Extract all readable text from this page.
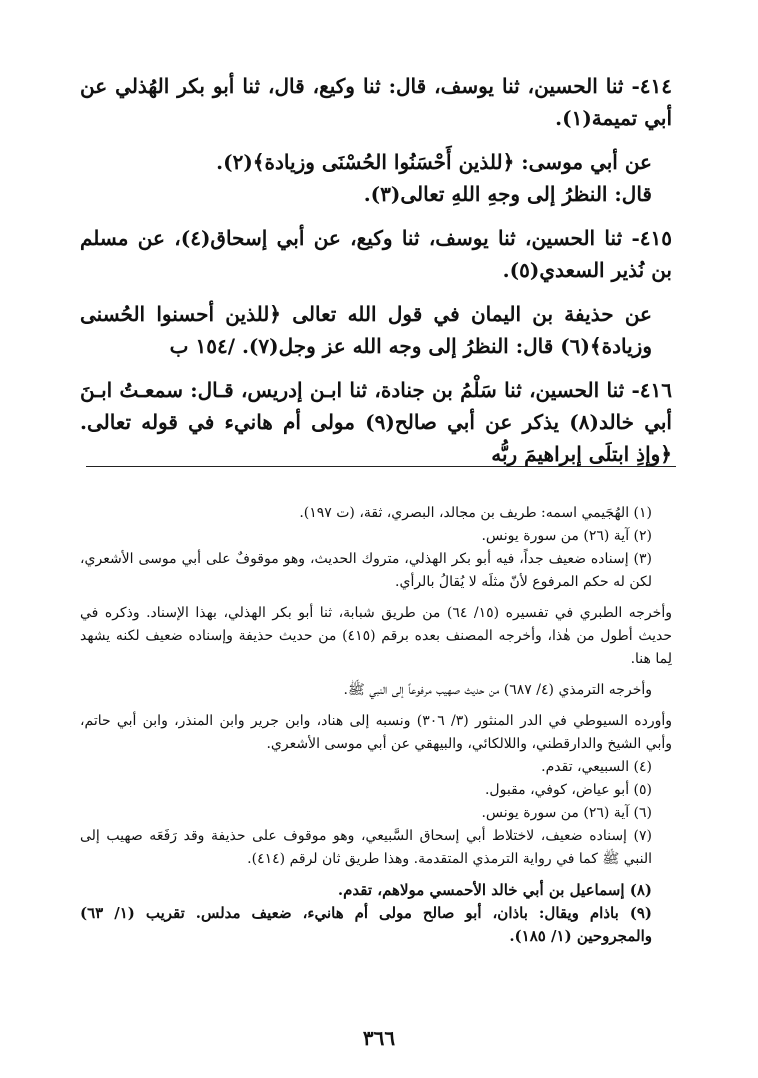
٤١٤- ثنا الحسين، ثنا يوسف، قال: ثنا وكيع، قال، ثنا أبو بكر الهُذلي عن أبي تميمة(١).

عن أبي موسى: ﴿للذين أَحْسَنُوا الحُسْنَى وزيادة﴾(٢).

قال: النظرُ إلى وجهِ اللهِ تعالى(٣).

٤١٥- ثنا الحسين، ثنا يوسف، ثنا وكيع، عن أبي إسحاق(٤)، عن مسلم بن نُذير السعدي(٥).

عن حذيفة بن اليمان في قول الله تعالى ﴿للذين أحسنوا الحُسنى وزيادة﴾(٦) قال: النظرُ إلى وجه الله عز وجل(٧). /١٥٤ ب

٤١٦- ثنا الحسين، ثنا سَلْمُ بن جنادة، ثنا ابـن إدريس، قـال: سمعـتُ ابـنَ أبي خالد(٨) يذكر عن أبي صالح(٩) مولى أم هانيء في قوله تعالى. ﴿وإذِ ابتلَى إبراهيمَ ربُّه

(١) الهُجَيمي اسمه: طريف بن مجالد، البصري، ثقة، (ت ١٩٧).

(٢) آية (٢٦) من سورة يونس.

(٣) إسناده ضعيف جداً، فيه أبو بكر الهذلي، متروك الحديث، وهو موقوفٌ على أبي موسى الأشعري، لكن له حكم المرفوع لأنّ مثلَه لا يُقالُ بالرأي.

وأخرجه الطبري في تفسيره (١٥/ ٦٤) من طريق شبابة، ثنا أبو بكر الهذلي، بهذا الإسناد. وذكره في حديث أطول من هٰذا، وأخرجه المصنف بعده برقم (٤١٥) من حديث حذيفة وإسناده ضعيف لكنه يشهد لِما هنا.

وأخرجه الترمذي (٤/ ٦٨٧) من حديث صهيب مرفوعاً إلى النبي ﷺ.

وأورده السيوطي في الدر المنثور (٣/ ٣٠٦) ونسبه إلى هناد، وابن جرير وابن المنذر، وابن أبي حاتم، وأبي الشيخ والدارقطني، واللالكائي، والبيهقي عن أبي موسى الأشعري.

(٤) السبيعي، تقدم.

(٥) أبو عياض، كوفي، مقبول.

(٦) آية (٢٦) من سورة يونس.

(٧) إسناده ضعيف، لاختلاط أبي إسحاق السَّبيعي، وهو موقوف على حذيفة وقد رَفَعَه صهيب إلى النبي ﷺ كما في رواية الترمذي المتقدمة. وهذا طريق ثان لرقم (٤١٤).

(٨) إسماعيل بن أبي خالد الأحمسي مولاهم، تقدم.

(٩) باذام ويقال: باذان، أبو صالح مولى أم هانيء، ضعيف مدلس. تقريب (١/ ٦٣) والمجروحين (١/ ١٨٥).

٣٦٦
